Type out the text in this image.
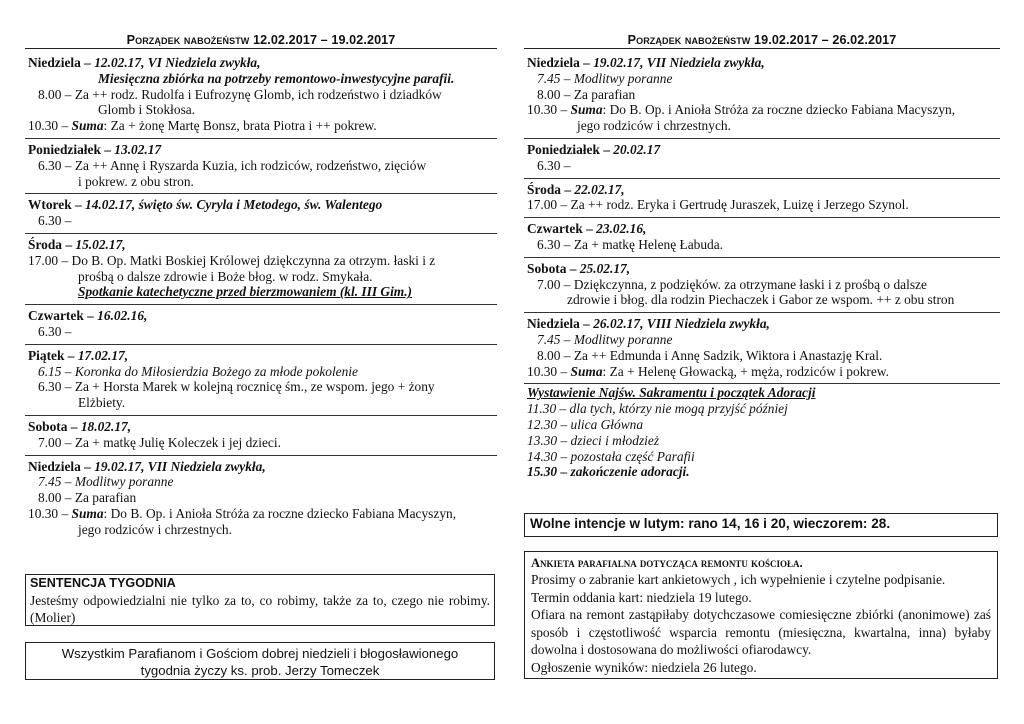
Porządek nabożeństw 12.02.2017 – 19.02.2017
Niedziela – 12.02.17, VI Niedziela zwykła,
Miesięczna zbiórka na potrzeby remontowo-inwestycyjne parafii.
8.00 – Za ++ rodz. Rudolfa i Eufrozynę Glomb, ich rodzeństwo i dziadków
Glomb i Stokłosa.
10.30 – Suma: Za + żonę Martę Bonsz, brata Piotra i ++ pokrew.
Poniedziałek – 13.02.17
6.30 – Za ++ Annę i Ryszarda Kuzia, ich rodziców, rodzeństwo, zięciów
i pokrew. z obu stron.
Wtorek – 14.02.17, święto św. Cyryla i Metodego, św. Walentego
6.30 –
Środa – 15.02.17,
17.00 – Do B. Op. Matki Boskiej Królowej dziękczynna za otrzym. łaski i z
prośbą o dalsze zdrowie i Boże błog. w rodz. Smykała.
Spotkanie katechetyczne przed bierzmowaniem (kl. III Gim.)
Czwartek – 16.02.16,
6.30 –
Piątek – 17.02.17,
6.15 – Koronka do Miłosierdzia Bożego za młode pokolenie
6.30 – Za + Horsta Marek w kolejną rocznicę śm., ze wspom. jego + żony
Elżbiety.
Sobota – 18.02.17,
7.00 – Za + matkę Julię Koleczek i jej dzieci.
Niedziela – 19.02.17, VII Niedziela zwykła,
7.45 – Modlitwy poranne
8.00 – Za parafian
10.30 – Suma: Do B. Op. i Anioła Stróża za roczne dziecko Fabiana Macyszyn,
jego rodziców i chrzestnych.
SENTENCJA TYGODNIA
Jesteśmy odpowiedzialni nie tylko za to, co robimy, także za to, czego nie robimy. (Molier)
Wszystkim Parafianom i Gościom dobrej niedzieli i błogosławionego
tygodnia życzy ks. prob. Jerzy Tomeczek
Porządek nabożeństw 19.02.2017 – 26.02.2017
Niedziela – 19.02.17, VII Niedziela zwykła,
7.45 – Modlitwy poranne
8.00 – Za parafian
10.30 – Suma: Do B. Op. i Anioła Stróża za roczne dziecko Fabiana Macyszyn,
jego rodziców i chrzestnych.
Poniedziałek – 20.02.17
6.30 –
Środa – 22.02.17,
17.00 – Za ++ rodz. Eryka i Gertrudę Juraszek, Luizę i Jerzego Szynol.
Czwartek – 23.02.16,
6.30 – Za + matkę Helenę Łabuda.
Sobota – 25.02.17,
7.00 – Dziękczynna, z podzięków. za otrzymane łaski i z prośbą o dalsze
zdrowie i błog. dla rodzin Piechaczek i Gabor ze wspom. ++ z obu stron
Niedziela – 26.02.17, VIII Niedziela zwykła,
7.45 – Modlitwy poranne
8.00 – Za ++ Edmunda i Annę Sadzik, Wiktora i Anastazję Kral.
10.30 – Suma: Za + Helenę Głowacką, + męża, rodziców i pokrew.
Wystawienie Najśw. Sakramentu i początek Adoracji
11.30 – dla tych, którzy nie mogą przyjść później
12.30 – ulica Główna
13.30 – dzieci i młodzież
14.30 – pozostała część Parafii
15.30 – zakończenie adoracji.
Wolne intencje w lutym: rano 14, 16 i 20, wieczorem: 28.
Ankieta parafialna dotycząca remontu kościoła.
Prosimy o zabranie kart ankietowych , ich wypełnienie i czytelne podpisanie.
Termin oddania kart: niedziela 19 lutego.
Ofiara na remont zastąpiłaby dotychczasowe comiesięczne zbiórki (anonimowe) zaś sposób i częstotliwość wsparcia remontu (miesięczna, kwartalna, inna) byłaby dowolna i dostosowana do możliwości ofiarodawcy.
Ogłoszenie wyników: niedziela 26 lutego.
